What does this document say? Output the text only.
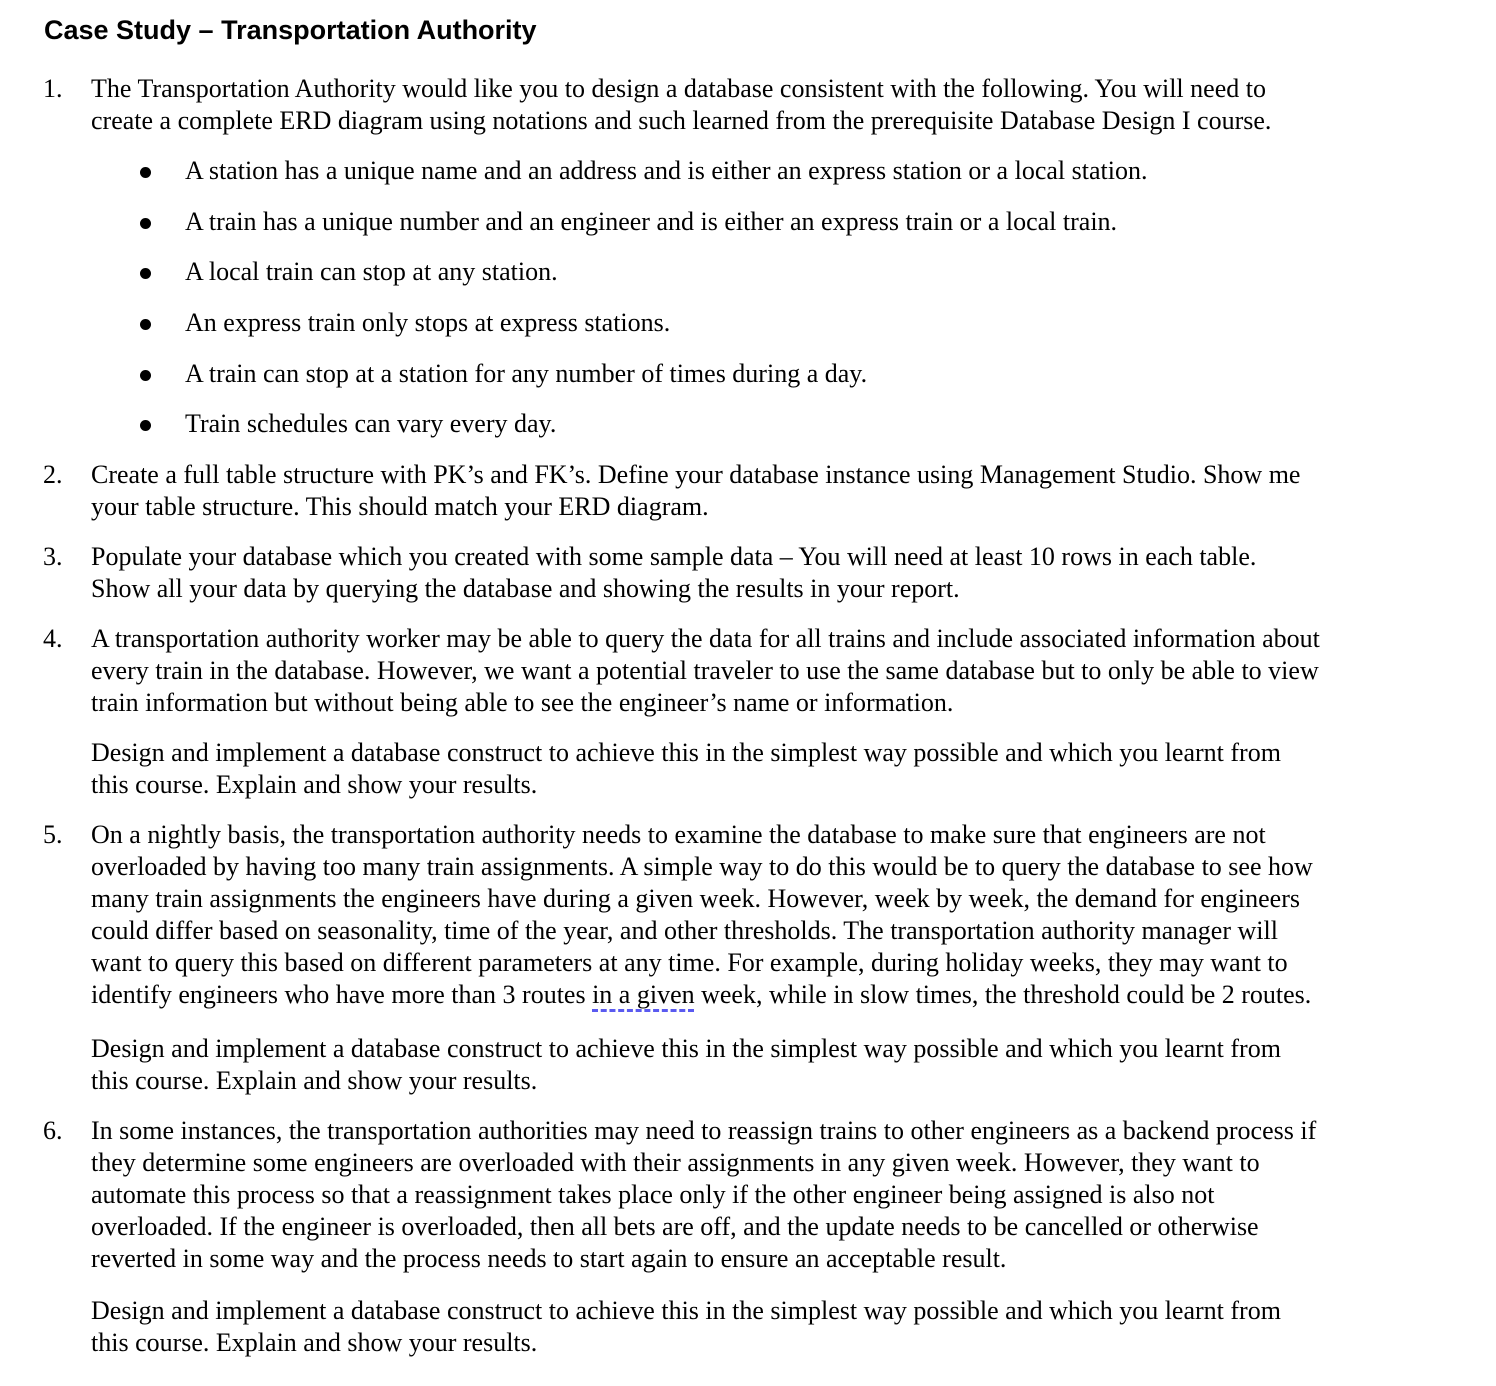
Case Study – Transportation Authority
1. The Transportation Authority would like you to design a database consistent with the following. You will need to
create a complete ERD diagram using notations and such learned from the prerequisite Database Design I course.
A station has a unique name and an address and is either an express station or a local station.
A train has a unique number and an engineer and is either an express train or a local train.
A local train can stop at any station.
An express train only stops at express stations.
A train can stop at a station for any number of times during a day.
Train schedules can vary every day.
2. Create a full table structure with PK’s and FK’s. Define your database instance using Management Studio. Show me
your table structure. This should match your ERD diagram.
3. Populate your database which you created with some sample data – You will need at least 10 rows in each table.
Show all your data by querying the database and showing the results in your report.
4. A transportation authority worker may be able to query the data for all trains and include associated information about
every train in the database. However, we want a potential traveler to use the same database but to only be able to view
train information but without being able to see the engineer’s name or information.
Design and implement a database construct to achieve this in the simplest way possible and which you learnt from
this course. Explain and show your results.
5. On a nightly basis, the transportation authority needs to examine the database to make sure that engineers are not
overloaded by having too many train assignments. A simple way to do this would be to query the database to see how
many train assignments the engineers have during a given week. However, week by week, the demand for engineers
could differ based on seasonality, time of the year, and other thresholds. The transportation authority manager will
want to query this based on different parameters at any time. For example, during holiday weeks, they may want to
identify engineers who have more than 3 routes in a given week, while in slow times, the threshold could be 2 routes.
Design and implement a database construct to achieve this in the simplest way possible and which you learnt from
this course. Explain and show your results.
6. In some instances, the transportation authorities may need to reassign trains to other engineers as a backend process if
they determine some engineers are overloaded with their assignments in any given week. However, they want to
automate this process so that a reassignment takes place only if the other engineer being assigned is also not
overloaded. If the engineer is overloaded, then all bets are off, and the update needs to be cancelled or otherwise
reverted in some way and the process needs to start again to ensure an acceptable result.
Design and implement a database construct to achieve this in the simplest way possible and which you learnt from
this course. Explain and show your results.
